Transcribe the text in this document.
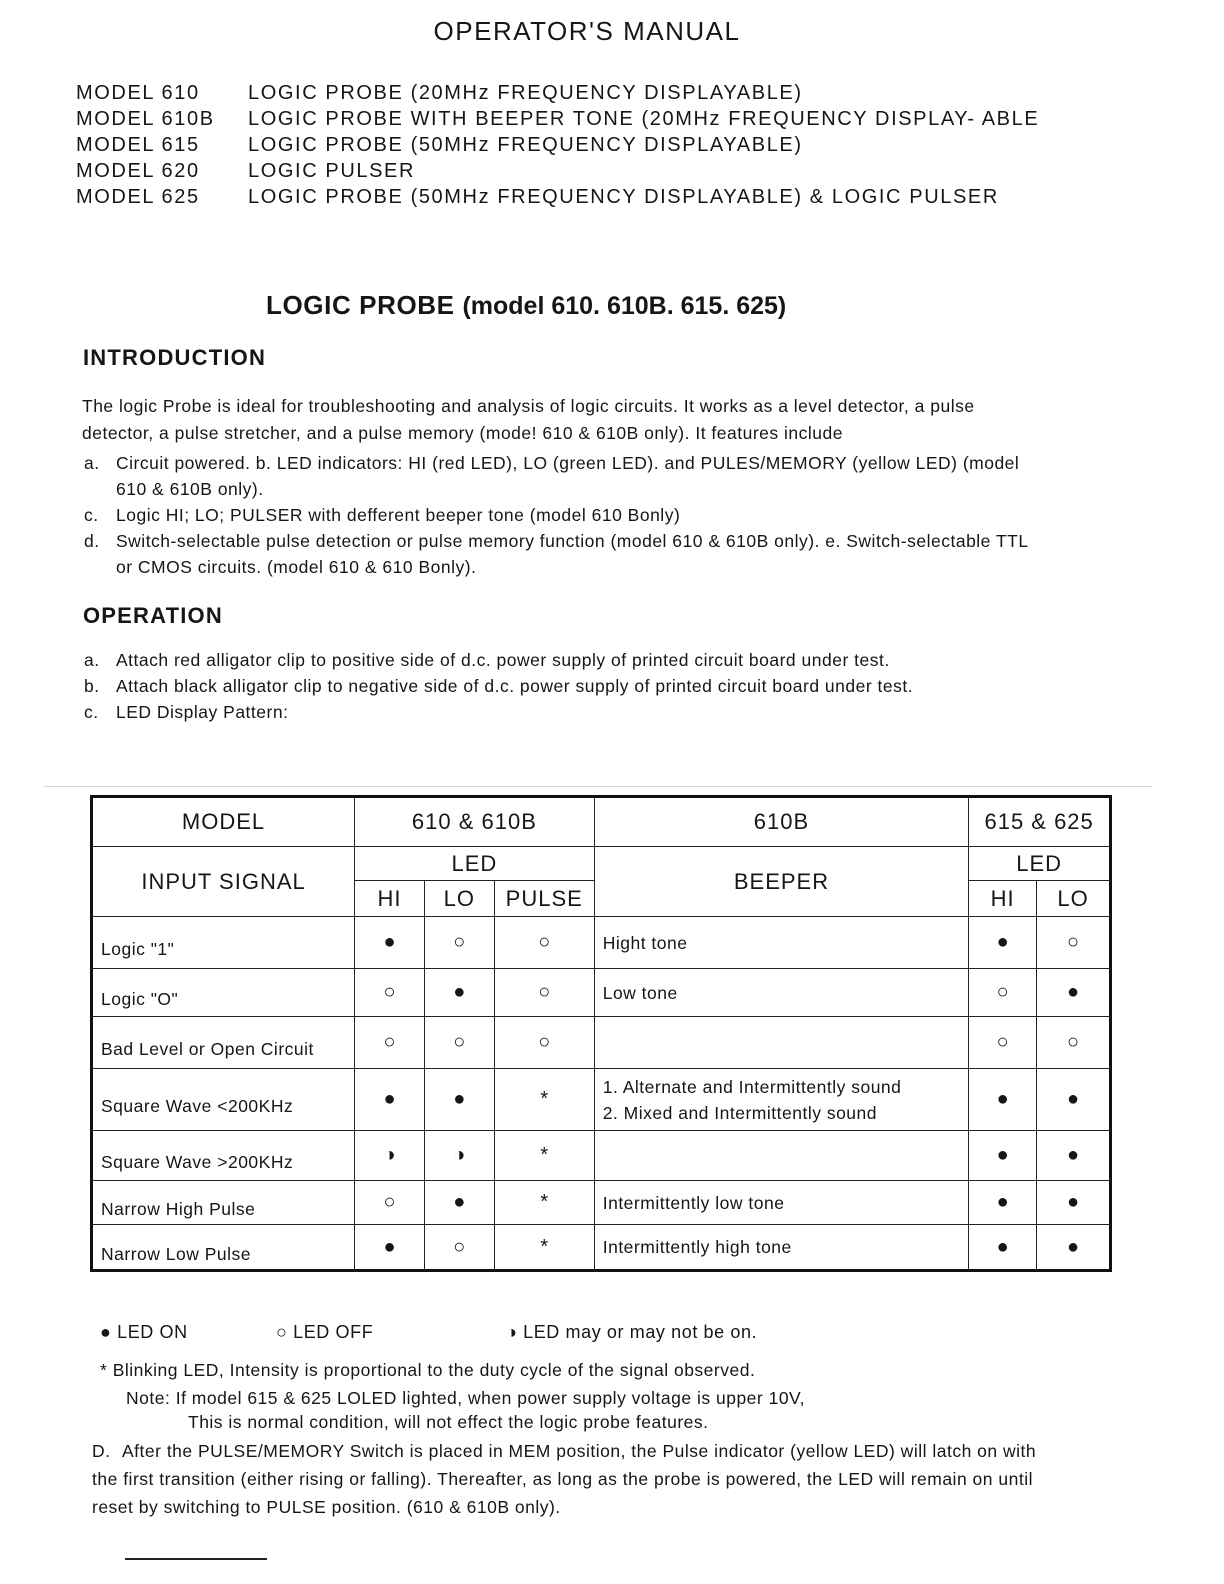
OPERATOR'S MANUAL
MODEL 610	LOGIC PROBE (20MHz FREQUENCY DISPLAYABLE)
MODEL 610B	LOGIC PROBE WITH BEEPER TONE (20MHz FREQUENCY DISPLAY- ABLE
MODEL 615	LOGIC PROBE (50MHz FREQUENCY DISPLAYABLE)
MODEL 620	LOGIC PULSER
MODEL 625	LOGIC PROBE (50MHz FREQUENCY DISPLAYABLE) & LOGIC PULSER
LOGIC PROBE (model 610. 610B. 615. 625)
INTRODUCTION

The logic Probe is ideal for troubleshooting and analysis of logic circuits. It works as a level detector, a pulse detector, a pulse stretcher, and a pulse memory (mode! 610 & 610B only). It features include

a. Circuit powered. b. LED indicators: HI (red LED), LO (green LED). and PULES/MEMORY (yellow LED) (model 610 & 610B only).
c. Logic HI; LO; PULSER with defferent beeper tone (model 610 Bonly)
d. Switch-selectable pulse detection or pulse memory function (model 610 & 610B only). e. Switch-selectable TTL or CMOS circuits. (model 610 & 610 Bonly).
OPERATION
a. Attach red alligator clip to positive side of d.c. power supply of printed circuit board under test.
b. Attach black alligator clip to negative side of d.c. power supply of printed circuit board under test.
c. LED Display Pattern:
MODEL	610 & 610B			610B	615 & 625	
INPUT SIGNAL	LED			BEEPER	LED	
	HI	LO	PULSE		HI	LO
Logic "1"	●	○	○	Hight tone	●	○
Logic "O"	○	●	○	Low tone	○	●
Bad Level or Open Circuit	○	○	○		○	○
Square Wave <200KHz	●	●	*	1. Alternate and Intermittently sound
2. Mixed and Intermittently sound	●	●
Square Wave >200KHz	◑	◑	*		●	●
Narrow High Pulse	○	●	*	Intermittently low tone	●	●
Narrow Low Pulse	●	○	*	Intermittently high tone	●	●
● LED ON	○ LED OFF	◑ LED may or may not be on.

* Blinking LED, Intensity is proportional to the duty cycle of the signal observed.

Note: If model 615 & 625 LOLED lighted, when power supply voltage is upper 10V,

This is normal condition, will not effect the logic probe features.

D. After the PULSE/MEMORY Switch is placed in MEM position, the Pulse indicator (yellow LED) will latch on with the first transition (either rising or falling). Thereafter, as long as the probe is powered, the LED will remain on until reset by switching to PULSE position. (610 & 610B only).
